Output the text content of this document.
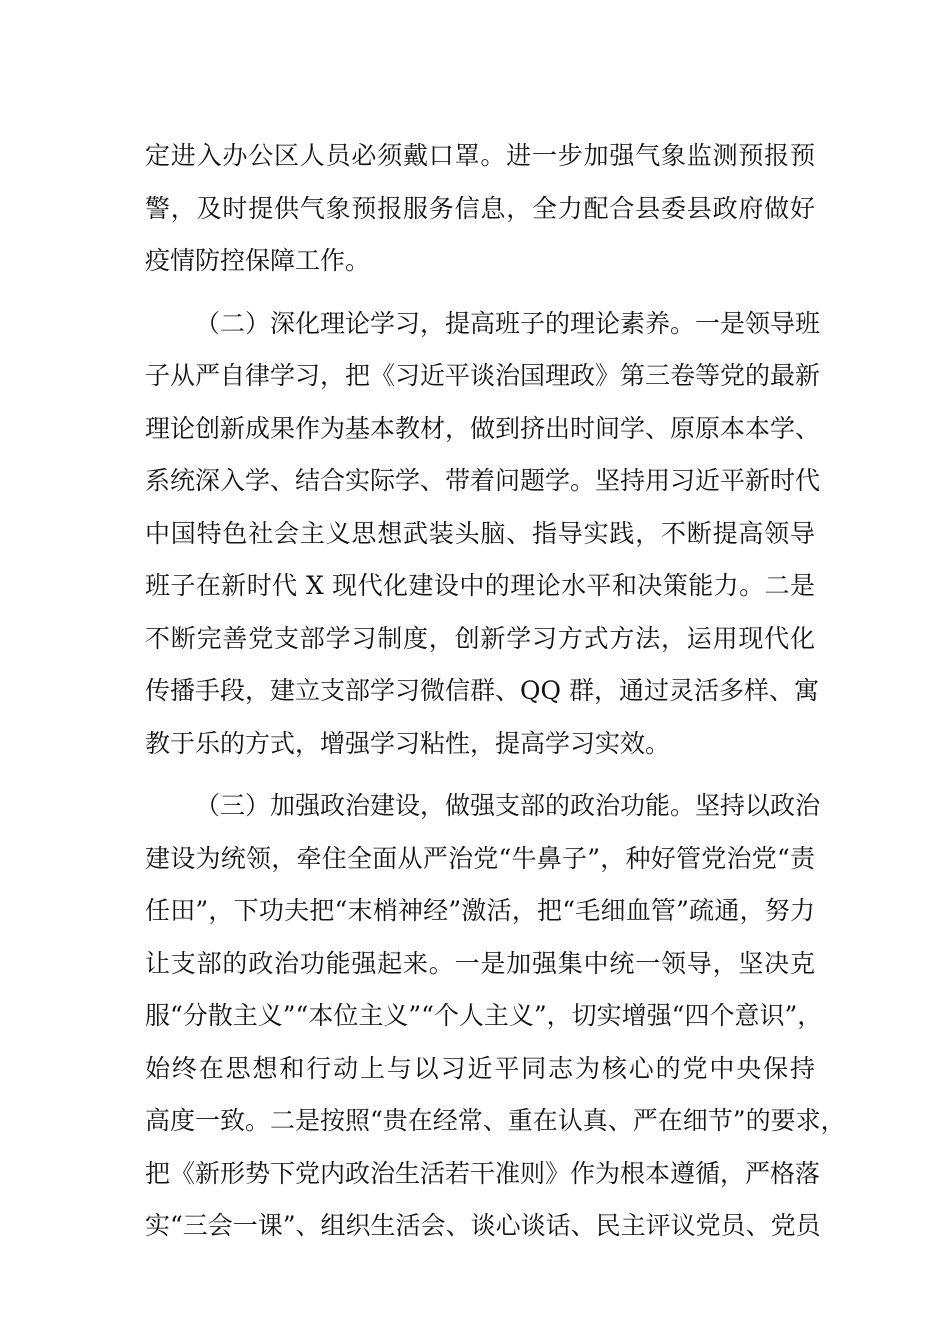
定进入办公区人员必须戴口罩。进一步加强气象监测预报预
警，及时提供气象预报服务信息，全力配合县委县政府做好
疫情防控保障工作。
（二）深化理论学习，提高班子的理论素养。一是领导班
子从严自律学习，把《习近平谈治国理政》第三卷等党的最新
理论创新成果作为基本教材，做到挤出时间学、原原本本学、
系统深入学、结合实际学、带着问题学。坚持用习近平新时代
中国特色社会主义思想武装头脑、指导实践，不断提高领导
班子在新时代 X 现代化建设中的理论水平和决策能力。二是
不断完善党支部学习制度，创新学习方式方法，运用现代化
传播手段，建立支部学习微信群、QQ 群，通过灵活多样、寓
教于乐的方式，增强学习粘性，提高学习实效。
（三）加强政治建设，做强支部的政治功能。坚持以政治
建设为统领，牵住全面从严治党“牛鼻子”，种好管党治党“责
任田”，下功夫把“末梢神经”激活，把“毛细血管”疏通，努力
让支部的政治功能强起来。一是加强集中统一领导，坚决克
服“分散主义”“本位主义”“个人主义”，切实增强“四个意识”，
始终在思想和行动上与以习近平同志为核心的党中央保持
高度一致。二是按照“贵在经常、重在认真、严在细节”的要求，
把《新形势下党内政治生活若干准则》作为根本遵循，严格落
实“三会一课”、组织生活会、谈心谈话、民主评议党员、党员
